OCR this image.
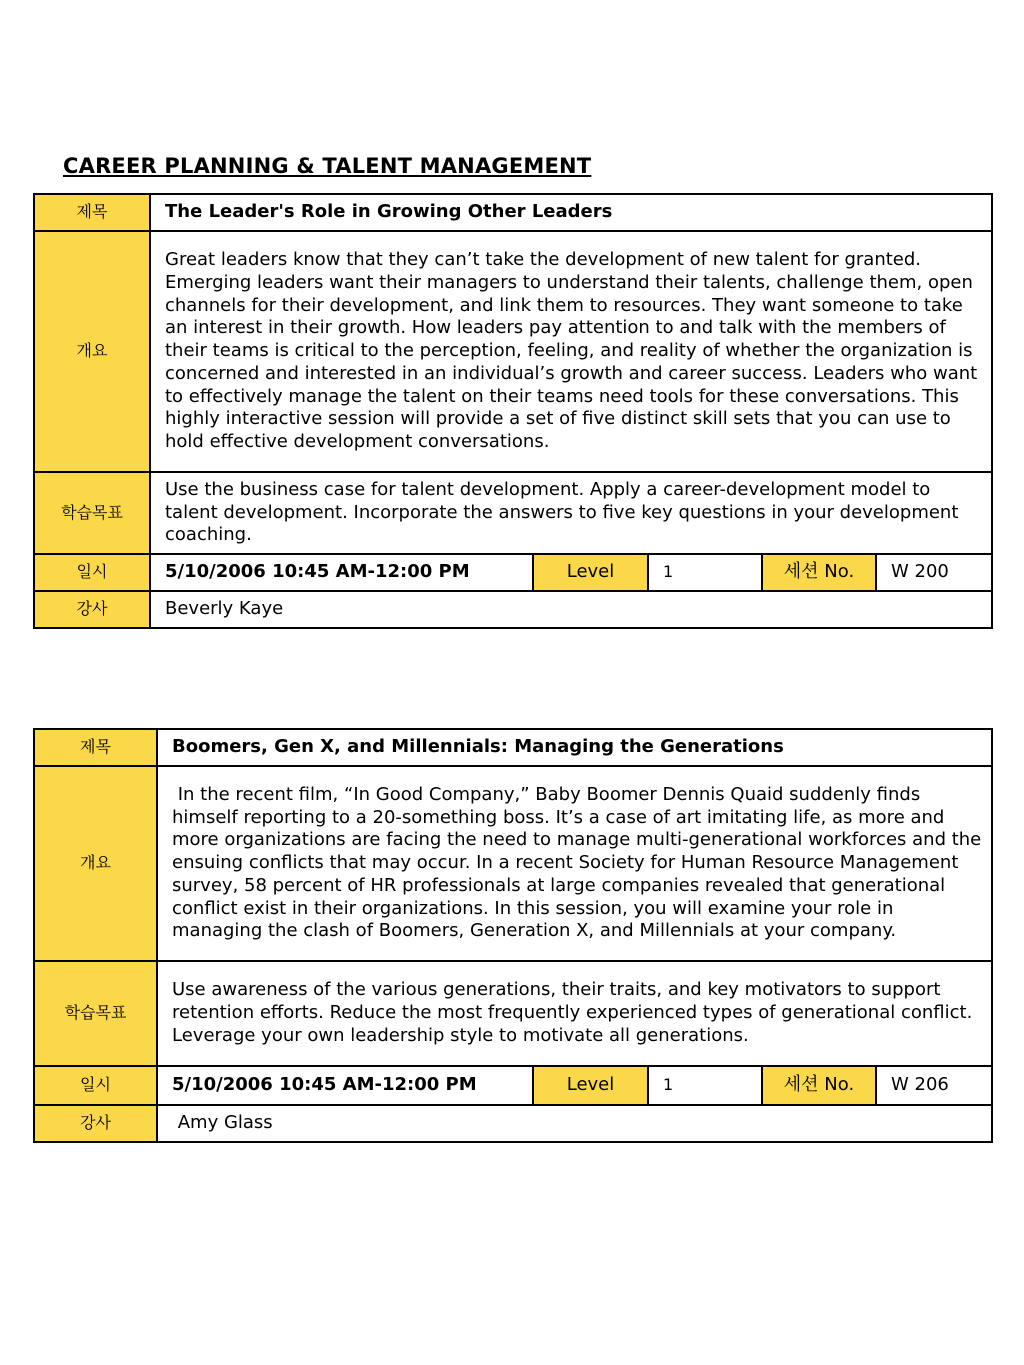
CAREER PLANNING & TALENT MANAGEMENT
제목	The Leader's Role in Growing Other Leaders				
개요	Great leaders know that they can’t take the development of new talent for granted. Emerging leaders want their managers to understand their talents, challenge them, open channels for their development, and link them to resources. They want someone to take an interest in their growth. How leaders pay attention to and talk with the members of their teams is critical to the perception, feeling, and reality of whether the organization is concerned and interested in an individual’s growth and career success. Leaders who want to effectively manage the talent on their teams need tools for these conversations. This highly interactive session will provide a set of five distinct skill sets that you can use to hold effective development conversations.				
학습목표	Use the business case for talent development. Apply a career-development model to talent development. Incorporate the answers to five key questions in your development coaching.				
일시	5/10/2006 10:45 AM-12:00 PM	Level	1	세션 No.	W 200
강사	Beverly Kaye				
제목	Boomers, Gen X, and Millennials: Managing the Generations				
개요	In the recent film, “In Good Company,” Baby Boomer Dennis Quaid suddenly finds himself reporting to a 20-something boss. It’s a case of art imitating life, as more and more organizations are facing the need to manage multi-generational workforces and the ensuing conflicts that may occur. In a recent Society for Human Resource Management survey, 58 percent of HR professionals at large companies revealed that generational conflict exist in their organizations. In this session, you will examine your role in managing the clash of Boomers, Generation X, and Millennials at your company.				
학습목표	Use awareness of the various generations, their traits, and key motivators to support retention efforts. Reduce the most frequently experienced types of generational conflict. Leverage your own leadership style to motivate all generations.				
일시	5/10/2006 10:45 AM-12:00 PM	Level	1	세션 No.	W 206
강사	Amy Glass				
